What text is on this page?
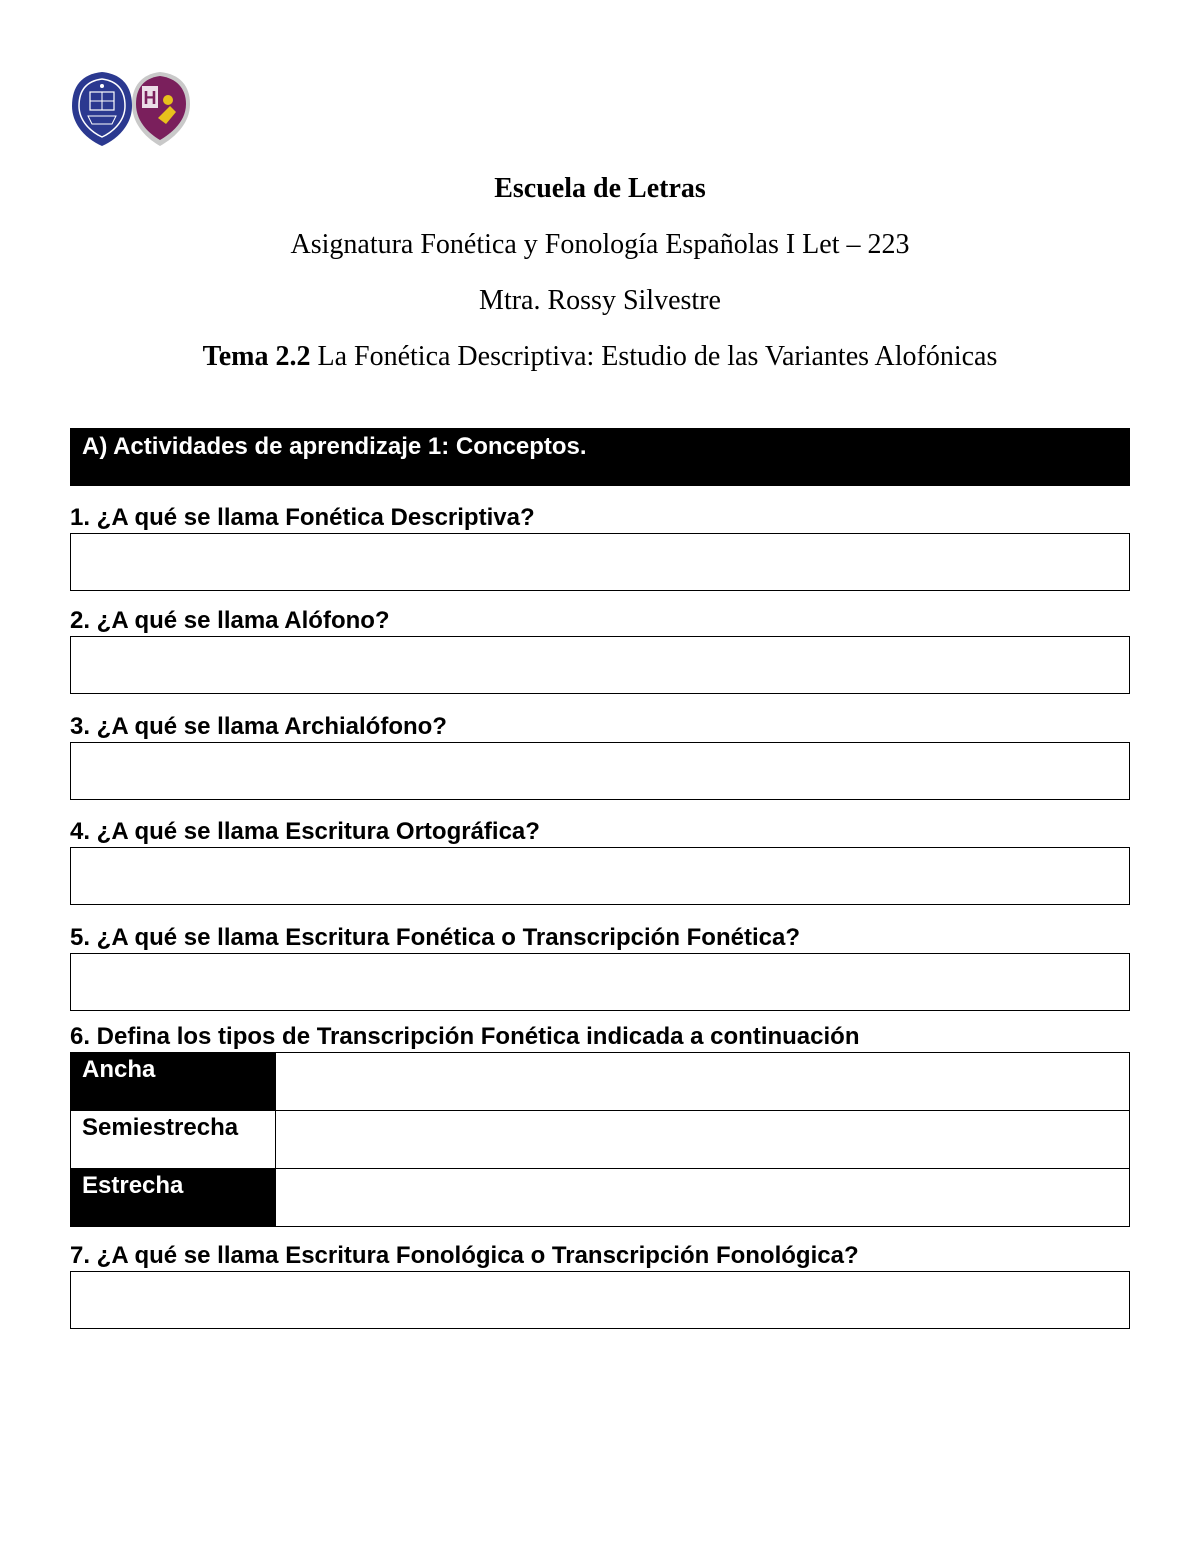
H
Escuela de Letras
Asignatura Fonética y Fonología Españolas I Let – 223
Mtra. Rossy Silvestre
Tema 2.2 La Fonética Descriptiva: Estudio de las Variantes Alofónicas
A) Actividades de aprendizaje 1: Conceptos.
1. ¿A qué se llama Fonética Descriptiva?
2. ¿A qué se llama Alófono?
3. ¿A qué se llama Archialófono?
4. ¿A qué se llama Escritura Ortográfica?
5. ¿A qué se llama Escritura Fonética o Transcripción Fonética?
6. Defina los tipos de Transcripción Fonética indicada a continuación
Ancha	
Semiestrecha	
Estrecha	
7. ¿A qué se llama Escritura Fonológica o Transcripción Fonológica?
